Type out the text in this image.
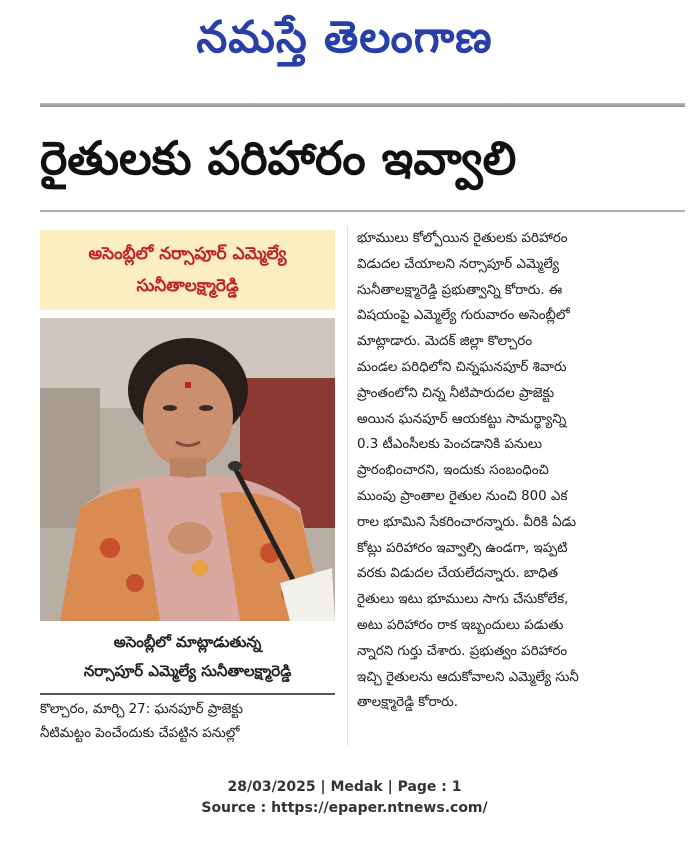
నమస్తే తెలంగాణ
రైతులకు పరిహారం ఇవ్వాలి
అసెంబ్లీలో నర్సాపూర్ ఎమ్మెల్యే
సునీతాలక్ష్మారెడ్డి
అసెంబ్లీలో మాట్లాడుతున్న
నర్సాపూర్ ఎమ్మెల్యే సునీతాలక్ష్మారెడ్డి
కొల్చారం, మార్చి 27: ఘనపూర్ ప్రాజెక్టు
నీటిమట్టం పెంచేందుకు చేపట్టిన పనుల్లో
భూములు కోల్పోయిన రైతులకు పరిహారం
విడుదల చేయాలని నర్సాపూర్ ఎమ్మెల్యే
సునీతాలక్ష్మారెడ్డి ప్రభుత్వాన్ని కోరారు. ఈ
విషయంపై ఎమ్మెల్యే గురువారం అసెంబ్లీలో
మాట్లాడారు. మెదక్ జిల్లా కొల్చారం
మండల పరిధిలోని చిన్నఘనపూర్ శివారు
ప్రాంతంలోని చిన్న నీటిపారుదల ప్రాజెక్టు
అయిన ఘనపూర్ ఆయకట్టు సామర్థ్యాన్ని
0.3 టీఎంసీలకు పెంచడానికి పనులు
ప్రారంభించారని, ఇందుకు సంబంధించి
ముంపు ప్రాంతాల రైతుల నుంచి 800 ఎక
రాల భూమిని సేకరించారన్నారు. వీరికి ఏడు
కోట్లు పరిహారం ఇవ్వాల్సి ఉండగా, ఇప్పటి
వరకు విడుదల చేయలేదన్నారు. బాధిత
రైతులు ఇటు భూములు సాగు చేసుకోలేక,
అటు పరిహారం రాక ఇబ్బందులు పడుతు
న్నారని గుర్తు చేశారు. ప్రభుత్వం పరిహారం
ఇచ్చి రైతులను ఆదుకోవాలని ఎమ్మెల్యే సునీ
తాలక్ష్మారెడ్డి కోరారు.
28/03/2025 | Medak | Page : 1
Source : https://epaper.ntnews.com/
